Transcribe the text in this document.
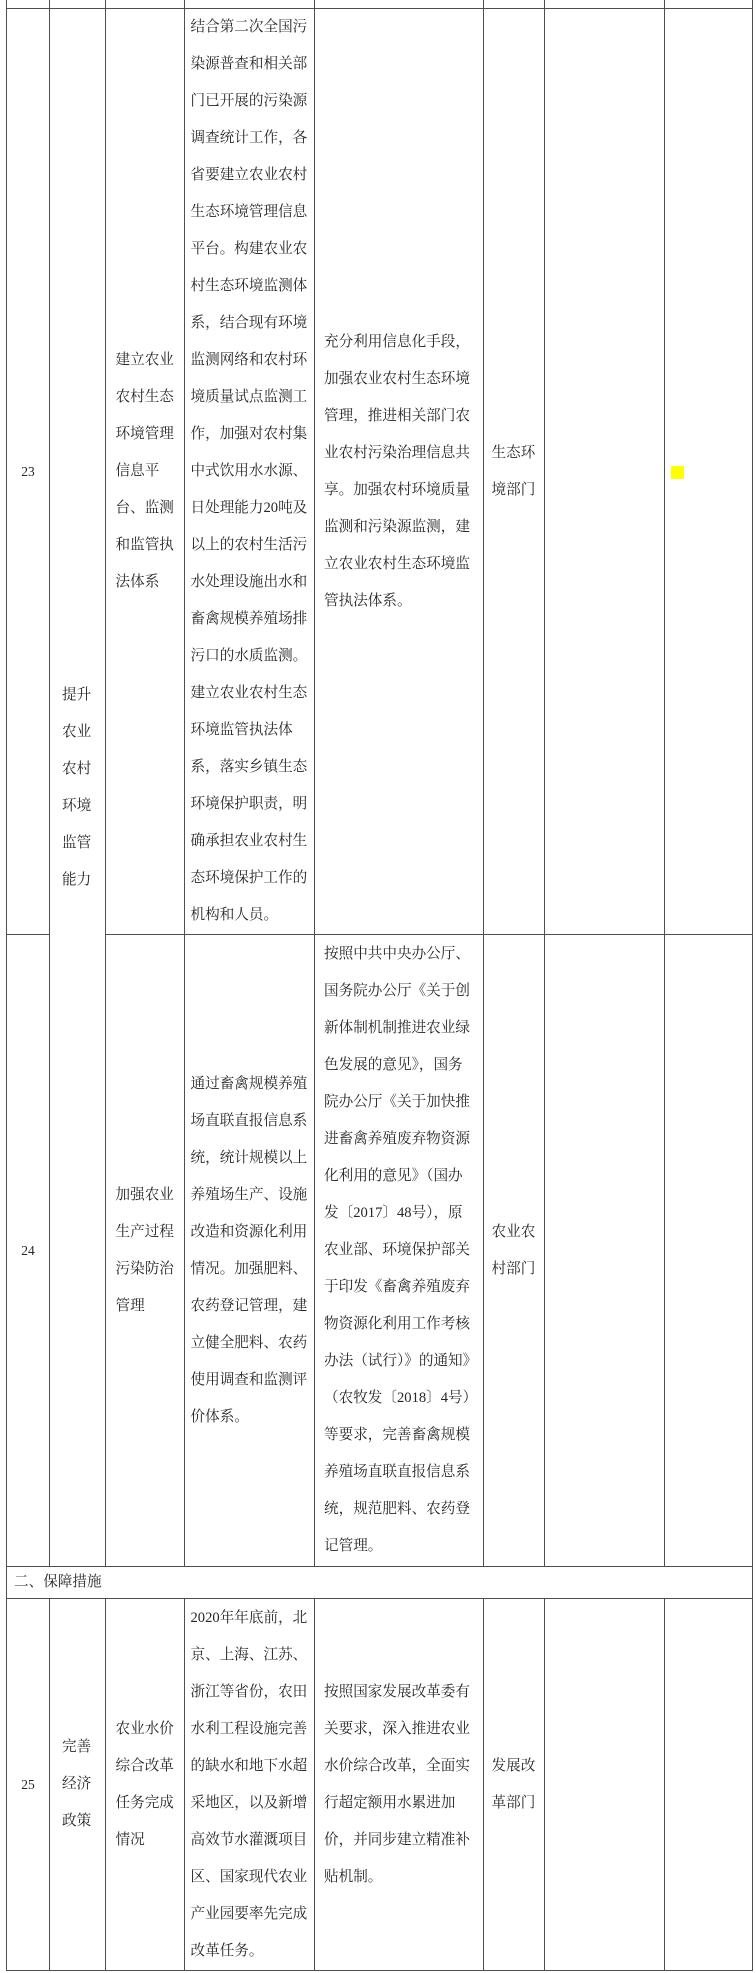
23	提升农业农村环境监管能力	建立农业农村生态环境管理信息平台、监测和监管执法体系	结合第二次全国污染源普查和相关部门已开展的污染源调查统计工作，各省要建立农业农村生态环境管理信息平台。构建农业农村生态环境监测体系，结合现有环境监测网络和农村环境质量试点监测工作，加强对农村集中式饮用水水源、日处理能力20吨及以上的农村生活污水处理设施出水和畜禽规模养殖场排污口的水质监测。建立农业农村生态环境监管执法体系，落实乡镇生态环境保护职责，明确承担农业农村生态环境保护工作的机构和人员。	充分利用信息化手段，加强农业农村生态环境管理，推进相关部门农业农村污染治理信息共享。加强农村环境质量监测和污染源监测，建立农业农村生态环境监管执法体系。	生态环境部门		

24		加强农业生产过程污染防治管理	通过畜禽规模养殖场直联直报信息系统，统计规模以上养殖场生产、设施改造和资源化利用情况。加强肥料、农药登记管理，建立健全肥料、农药使用调查和监测评价体系。	按照中共中央办公厅、国务院办公厅《关于创新体制机制推进农业绿色发展的意见》，国务院办公厅《关于加快推进畜禽养殖废弃物资源化利用的意见》（国办发〔2017〕48号），原农业部、环境保护部关于印发《畜禽养殖废弃物资源化利用工作考核办法（试行）》的通知》（农牧发〔2018〕4号）等要求，完善畜禽规模养殖场直联直报信息系统，规范肥料、农药登记管理。	农业农村部门		

二、保障措施							

25	完善经济政策	农业水价综合改革任务完成情况	2020年年底前，北京、上海、江苏、浙江等省份，农田水利工程设施完善的缺水和地下水超采地区，以及新增高效节水灌溉项目区、国家现代农业产业园要率先完成改革任务。	按照国家发展改革委有关要求，深入推进农业水价综合改革，全面实行超定额用水累进加价，并同步建立精准补贴机制。	发展改革部门		
